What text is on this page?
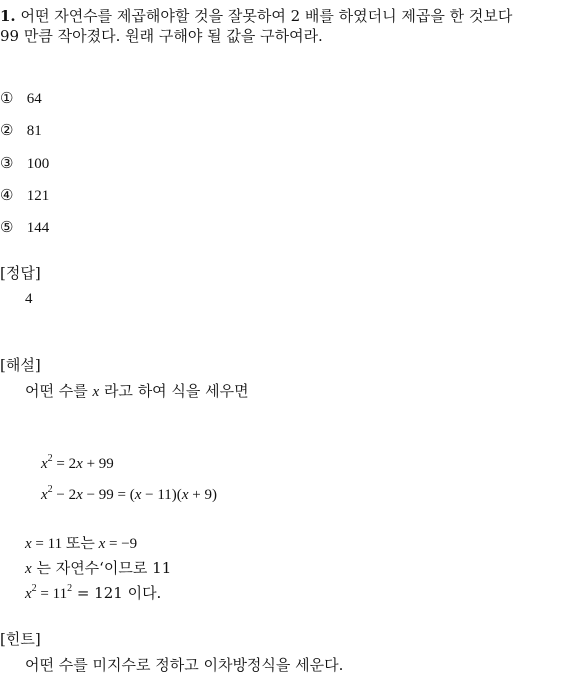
1. 어떤 자연수를 제곱해야할 것을 잘못하여 2 배를 하였더니 제곱을 한 것보다
99 만큼 작아졌다. 원래 구해야 될 값을 구하여라.
① 64
② 81
③ 100
④ 121
⑤ 144
[정답]
4
[해설]
어떤 수를 x 라고 하여 식을 세우면
$x^2 = 2x + 99$
$x^2 - 2x - 99 = (x - 11)(x + 9)$
x = 11 또는 x = −9
x 는 자연수‘이므로 11
$x^2 = 11^2 = 121$ 이다.
[힌트]
어떤 수를 미지수로 정하고 이차방정식을 세운다.
